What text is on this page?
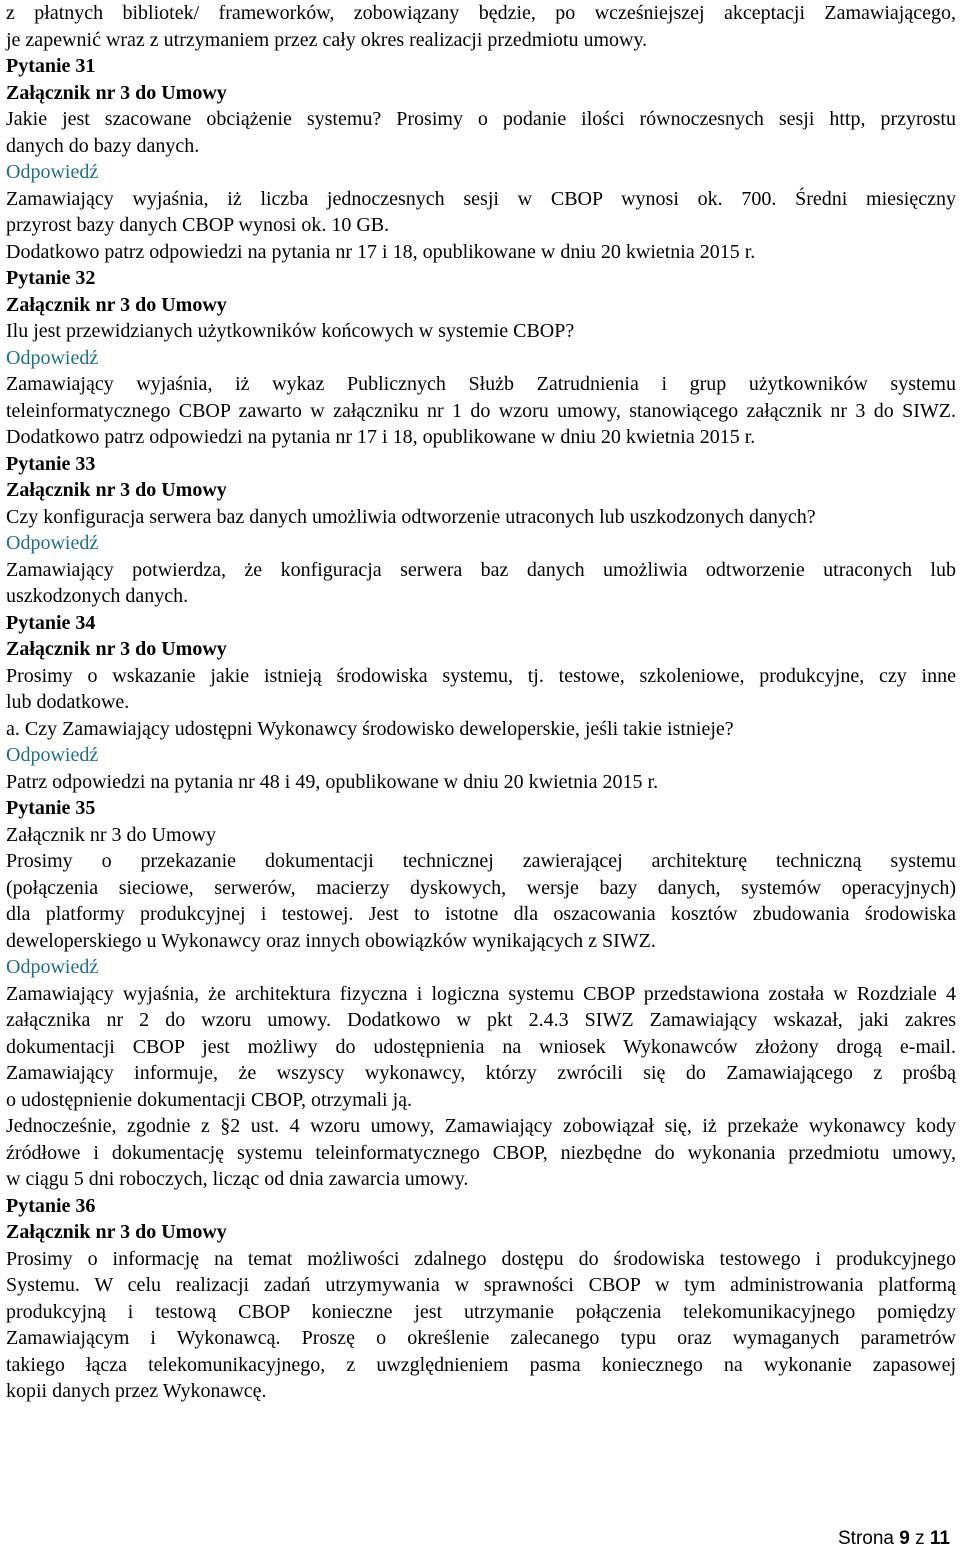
z płatnych bibliotek/ frameworków, zobowiązany będzie, po wcześniejszej akceptacji Zamawiającego,
je zapewnić wraz z utrzymaniem przez cały okres realizacji przedmiotu umowy.
Pytanie 31
Załącznik nr 3 do Umowy
Jakie jest szacowane obciążenie systemu? Prosimy o podanie ilości równoczesnych sesji http, przyrostu
danych do bazy danych.
Odpowiedź
Zamawiający wyjaśnia, iż liczba jednoczesnych sesji w CBOP wynosi ok. 700. Średni miesięczny
przyrost bazy danych CBOP wynosi ok. 10 GB.
Dodatkowo patrz odpowiedzi na pytania nr 17 i 18, opublikowane w dniu 20 kwietnia 2015 r.
Pytanie 32
Załącznik nr 3 do Umowy
Ilu jest przewidzianych użytkowników końcowych w systemie CBOP?
Odpowiedź
Zamawiający wyjaśnia, iż wykaz Publicznych Służb Zatrudnienia i grup użytkowników systemu
teleinformatycznego CBOP zawarto w załączniku nr 1 do wzoru umowy, stanowiącego załącznik nr 3 do SIWZ.
Dodatkowo patrz odpowiedzi na pytania nr 17 i 18, opublikowane w dniu 20 kwietnia 2015 r.
Pytanie 33
Załącznik nr 3 do Umowy
Czy konfiguracja serwera baz danych umożliwia odtworzenie utraconych lub uszkodzonych danych?
Odpowiedź
Zamawiający potwierdza, że konfiguracja serwera baz danych umożliwia odtworzenie utraconych lub
uszkodzonych danych.
Pytanie 34
Załącznik nr 3 do Umowy
Prosimy o wskazanie jakie istnieją środowiska systemu, tj. testowe, szkoleniowe, produkcyjne, czy inne
lub dodatkowe.
a. Czy Zamawiający udostępni Wykonawcy środowisko deweloperskie, jeśli takie istnieje?
Odpowiedź
Patrz odpowiedzi na pytania nr 48 i 49, opublikowane w dniu 20 kwietnia 2015 r.
Pytanie 35
Załącznik nr 3 do Umowy
Prosimy o przekazanie dokumentacji technicznej zawierającej architekturę techniczną systemu
(połączenia sieciowe, serwerów, macierzy dyskowych, wersje bazy danych, systemów operacyjnych)
dla platformy produkcyjnej i testowej. Jest to istotne dla oszacowania kosztów zbudowania środowiska
deweloperskiego u Wykonawcy oraz innych obowiązków wynikających z SIWZ.
Odpowiedź
Zamawiający wyjaśnia, że architektura fizyczna i logiczna systemu CBOP przedstawiona została w Rozdziale 4
załącznika nr 2 do wzoru umowy. Dodatkowo w pkt 2.4.3 SIWZ Zamawiający wskazał, jaki zakres
dokumentacji CBOP jest możliwy do udostępnienia na wniosek Wykonawców złożony drogą e-mail.
Zamawiający informuje, że wszyscy wykonawcy, którzy zwrócili się do Zamawiającego z prośbą
o udostępnienie dokumentacji CBOP, otrzymali ją.
Jednocześnie, zgodnie z §2 ust. 4 wzoru umowy, Zamawiający zobowiązał się, iż przekaże wykonawcy kody
źródłowe i dokumentację systemu teleinformatycznego CBOP, niezbędne do wykonania przedmiotu umowy,
w ciągu 5 dni roboczych, licząc od dnia zawarcia umowy.
Pytanie 36
Załącznik nr 3 do Umowy
Prosimy o informację na temat możliwości zdalnego dostępu do środowiska testowego i produkcyjnego
Systemu. W celu realizacji zadań utrzymywania w sprawności CBOP w tym administrowania platformą
produkcyjną i testową CBOP konieczne jest utrzymanie połączenia telekomunikacyjnego pomiędzy
Zamawiającym i Wykonawcą. Proszę o określenie zalecanego typu oraz wymaganych parametrów
takiego łącza telekomunikacyjnego, z uwzględnieniem pasma koniecznego na wykonanie zapasowej
kopii danych przez Wykonawcę.
Strona 9 z 11
